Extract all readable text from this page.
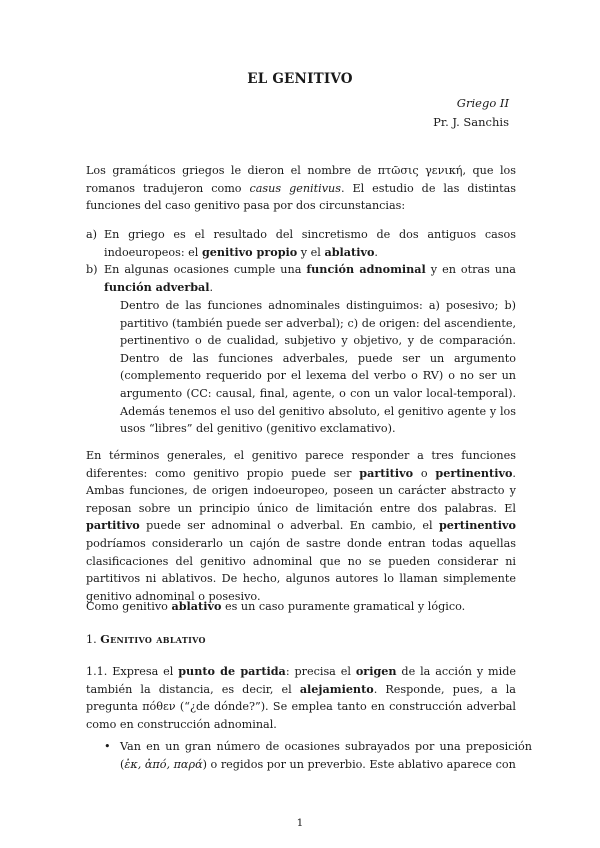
EL GENITIVO
Griego II
Pr. J. Sanchis

Los gramáticos griegos le dieron el nombre de πτῶσις γενική, que los romanos tradujeron como casus genitivus. El estudio de las distintas funciones del caso genitivo pasa por dos circunstancias:

a) En griego es el resultado del sincretismo de dos antiguos casos indoeuropeos: el genitivo propio y el ablativo.
b) En algunas ocasiones cumple una función adnominal y en otras una función adverbal.

Dentro de las funciones adnominales distinguimos: a) posesivo; b) partitivo (también puede ser adverbal); c) de origen: del ascendiente, pertinentivo o de cualidad, subjetivo y objetivo, y de comparación. Dentro de las funciones adverbales, puede ser un argumento (complemento requerido por el lexema del verbo o RV) o no ser un argumento (CC: causal, final, agente, o con un valor local-temporal). Además tenemos el uso del genitivo absoluto, el genitivo agente y los usos “libres” del genitivo (genitivo exclamativo).

En términos generales, el genitivo parece responder a tres funciones diferentes: como genitivo propio puede ser partitivo o pertinentivo. Ambas funciones, de origen indoeuropeo, poseen un carácter abstracto y reposan sobre un principio único de limitación entre dos palabras. El partitivo puede ser adnominal o adverbal. En cambio, el pertinentivo podríamos considerarlo un cajón de sastre donde entran todas aquellas clasificaciones del genitivo adnominal que no se pueden considerar ni partitivos ni ablativos. De hecho, algunos autores lo llaman simplemente genitivo adnominal o posesivo.

Como genitivo ablativo es un caso puramente gramatical y lógico.

1. Genitivo ablativo

1.1. Expresa el punto de partida: precisa el origen de la acción y mide también la distancia, es decir, el alejamiento. Responde, pues, a la pregunta πόθεν (“¿de dónde?”). Se emplea tanto en construcción adverbal como en construcción adnominal.

• Van en un gran número de ocasiones subrayados por una preposición (ἐκ, ἀπό, παρά) o regidos por un preverbio. Este ablativo aparece con
1
